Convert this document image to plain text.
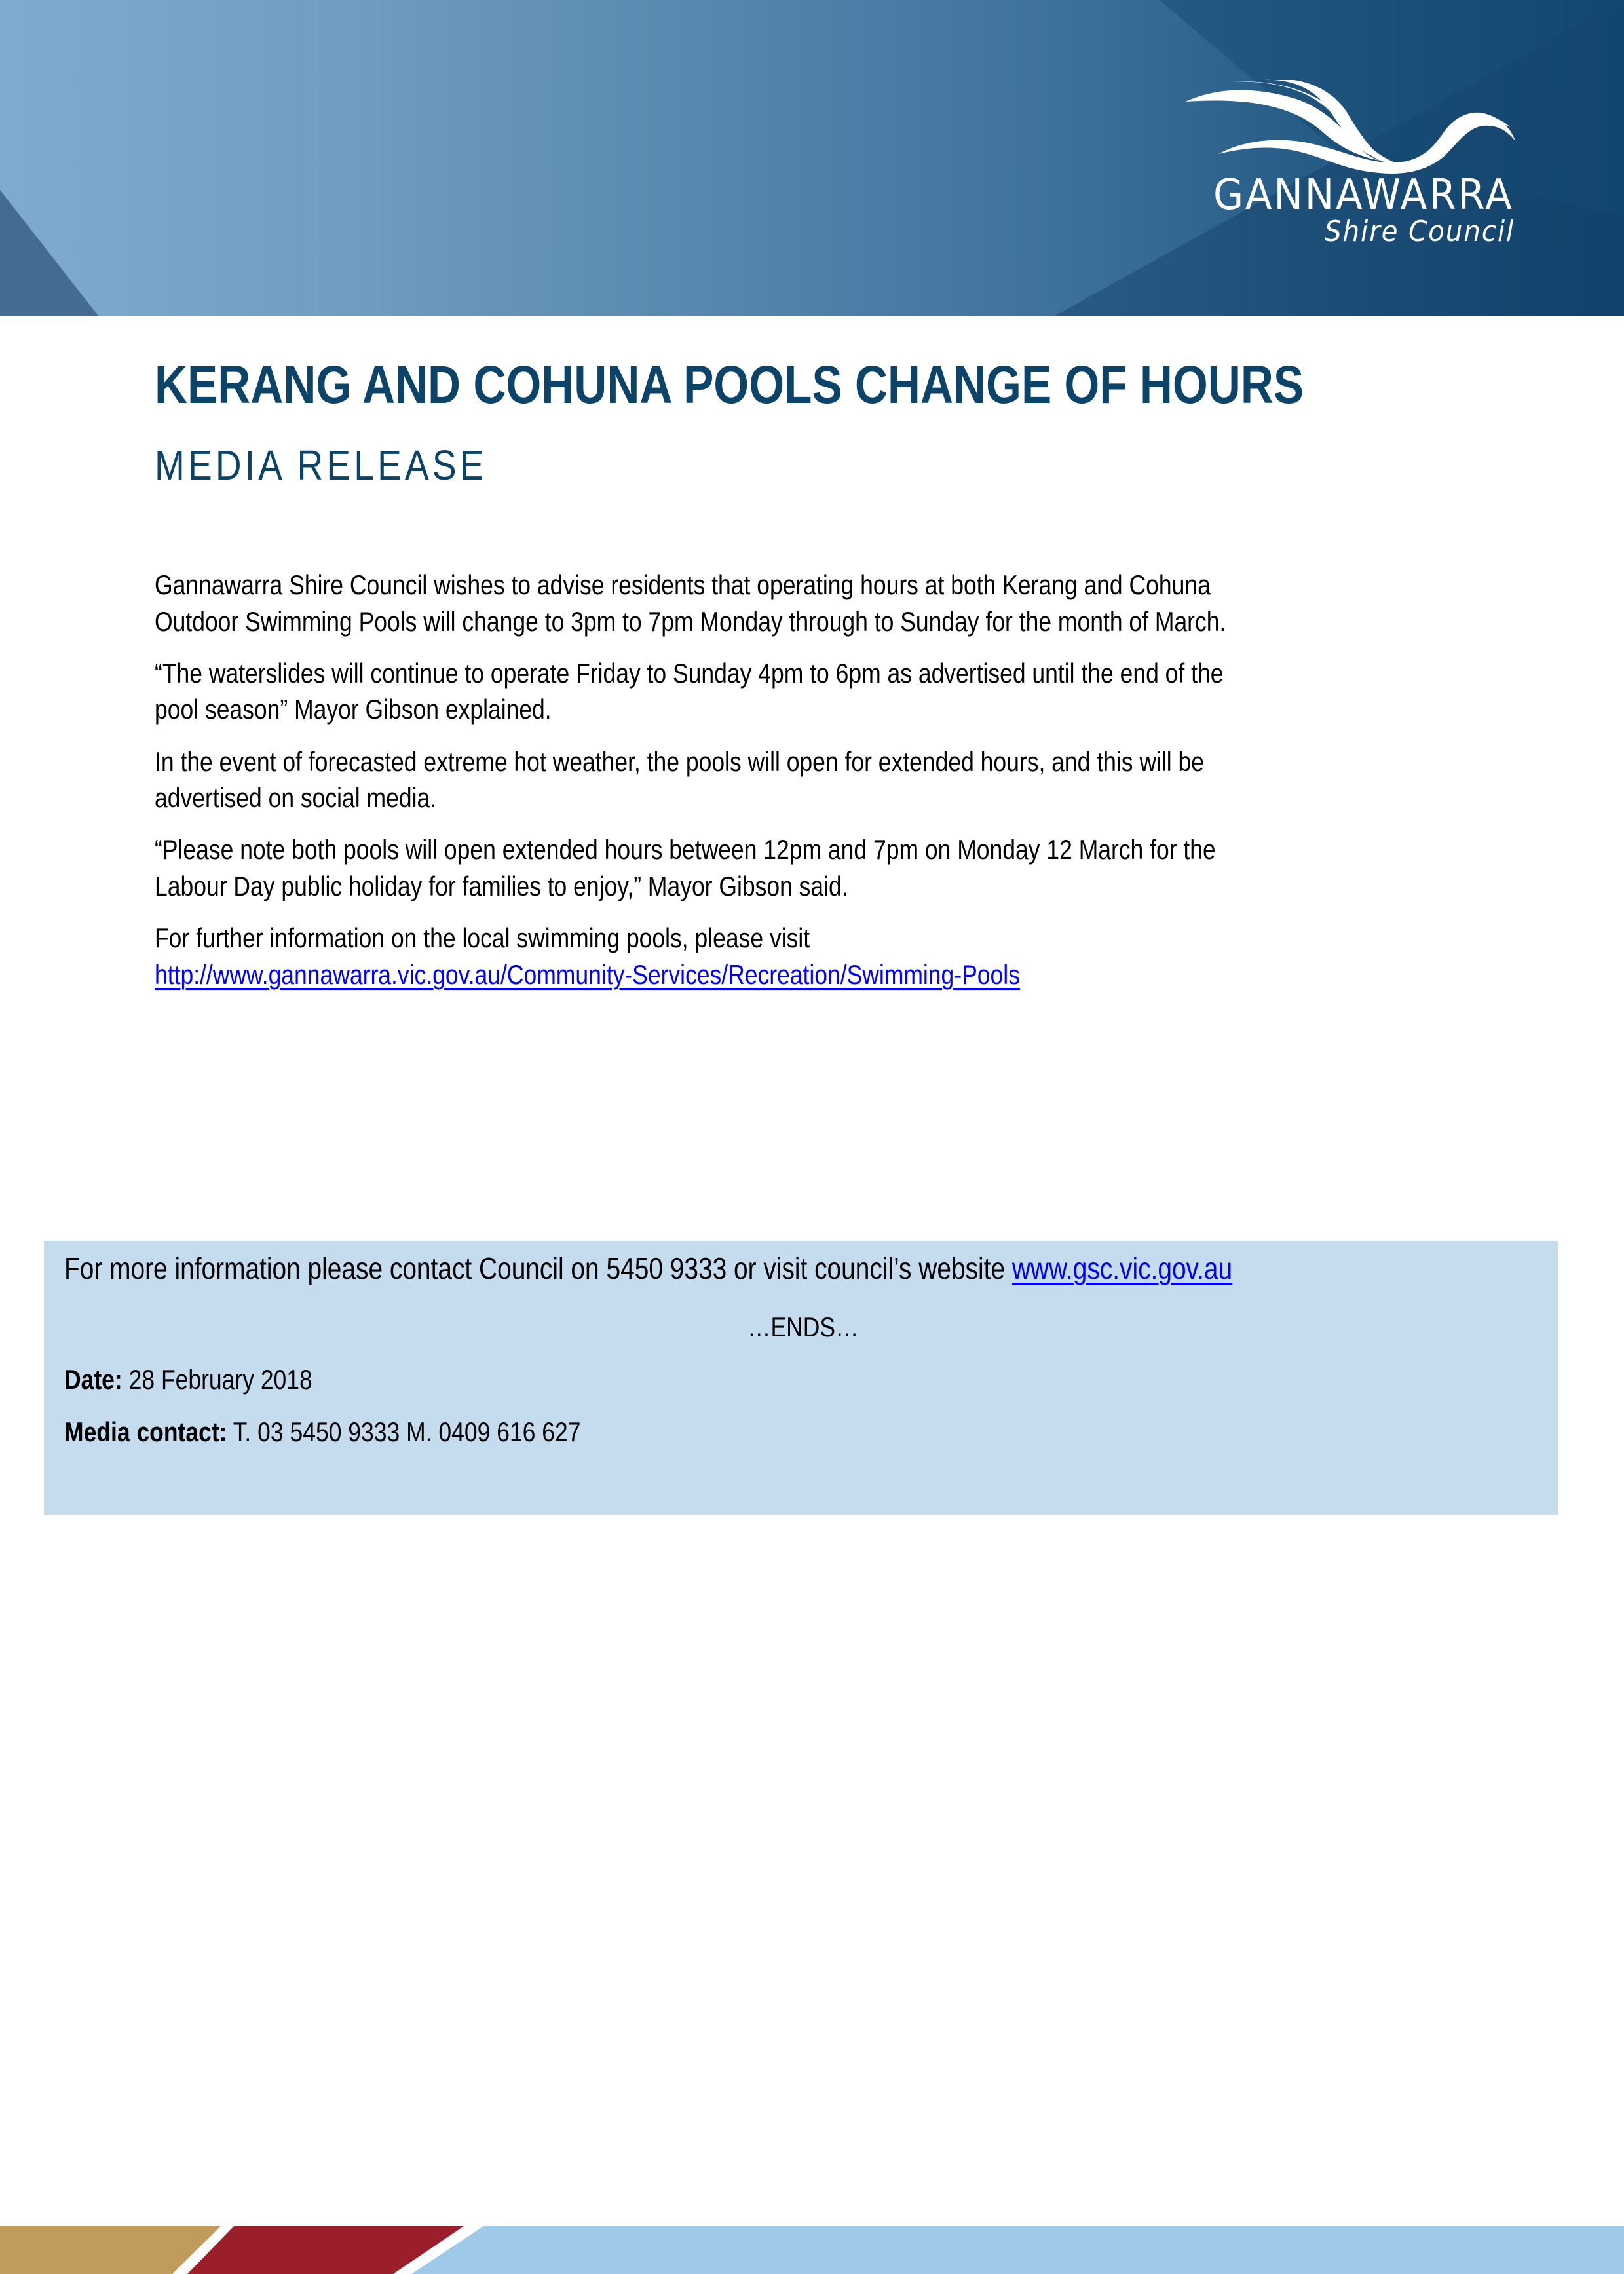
GANNAWARRA
Shire Council
KERANG AND COHUNA POOLS CHANGE OF HOURS
MEDIA RELEASE
Gannawarra Shire Council wishes to advise residents that operating hours at both Kerang and Cohuna
Outdoor Swimming Pools will change to 3pm to 7pm Monday through to Sunday for the month of March.
“The waterslides will continue to operate Friday to Sunday 4pm to 6pm as advertised until the end of the
pool season” Mayor Gibson explained.
In the event of forecasted extreme hot weather, the pools will open for extended hours, and this will be
advertised on social media.
“Please note both pools will open extended hours between 12pm and 7pm on Monday 12 March for the
Labour Day public holiday for families to enjoy,” Mayor Gibson said.
For further information on the local swimming pools, please visit
http://www.gannawarra.vic.gov.au/Community-Services/Recreation/Swimming-Pools
For more information please contact Council on 5450 9333 or visit council’s website www.gsc.vic.gov.au
…ENDS…
Date: 28 February 2018
Media contact: T. 03 5450 9333 M. 0409 616 627
